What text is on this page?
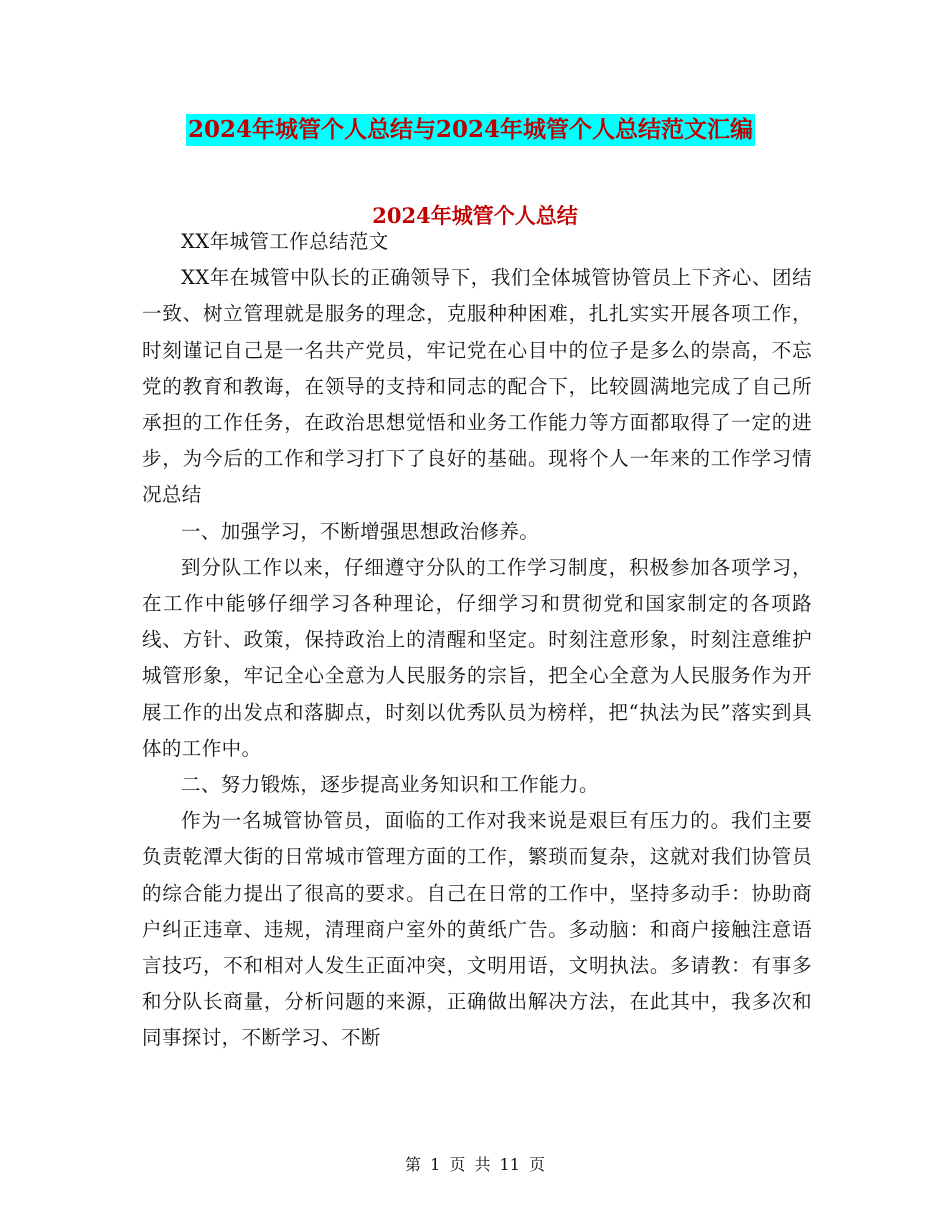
2024年城管个人总结与2024年城管个人总结范文汇编
2024年城管个人总结

XX年城管工作总结范文

XX年在城管中队长的正确领导下，我们全体城管协管员上下齐心、团结一致、树立管理就是服务的理念，克服种种困难，扎扎实实开展各项工作，时刻谨记自己是一名共产党员，牢记党在心目中的位子是多么的崇高，不忘党的教育和教诲，在领导的支持和同志的配合下，比较圆满地完成了自己所承担的工作任务，在政治思想觉悟和业务工作能力等方面都取得了一定的进步，为今后的工作和学习打下了良好的基础。现将个人一年来的工作学习情况总结

一、加强学习，不断增强思想政治修养。

到分队工作以来，仔细遵守分队的工作学习制度，积极参加各项学习，在工作中能够仔细学习各种理论，仔细学习和贯彻党和国家制定的各项路线、方针、政策，保持政治上的清醒和坚定。时刻注意形象，时刻注意维护城管形象，牢记全心全意为人民服务的宗旨，把全心全意为人民服务作为开展工作的出发点和落脚点，时刻以优秀队员为榜样，把“执法为民”落实到具体的工作中。

二、努力锻炼，逐步提高业务知识和工作能力。

作为一名城管协管员，面临的工作对我来说是艰巨有压力的。我们主要负责乾潭大街的日常城市管理方面的工作，繁琐而复杂，这就对我们协管员的综合能力提出了很高的要求。自己在日常的工作中，坚持多动手：协助商户纠正违章、违规，清理商户室外的黄纸广告。多动脑：和商户接触注意语言技巧，不和相对人发生正面冲突，文明用语，文明执法。多请教：有事多和分队长商量，分析问题的来源，正确做出解决方法，在此其中，我多次和同事探讨，不断学习、不断

第 1 页 共 11 页
